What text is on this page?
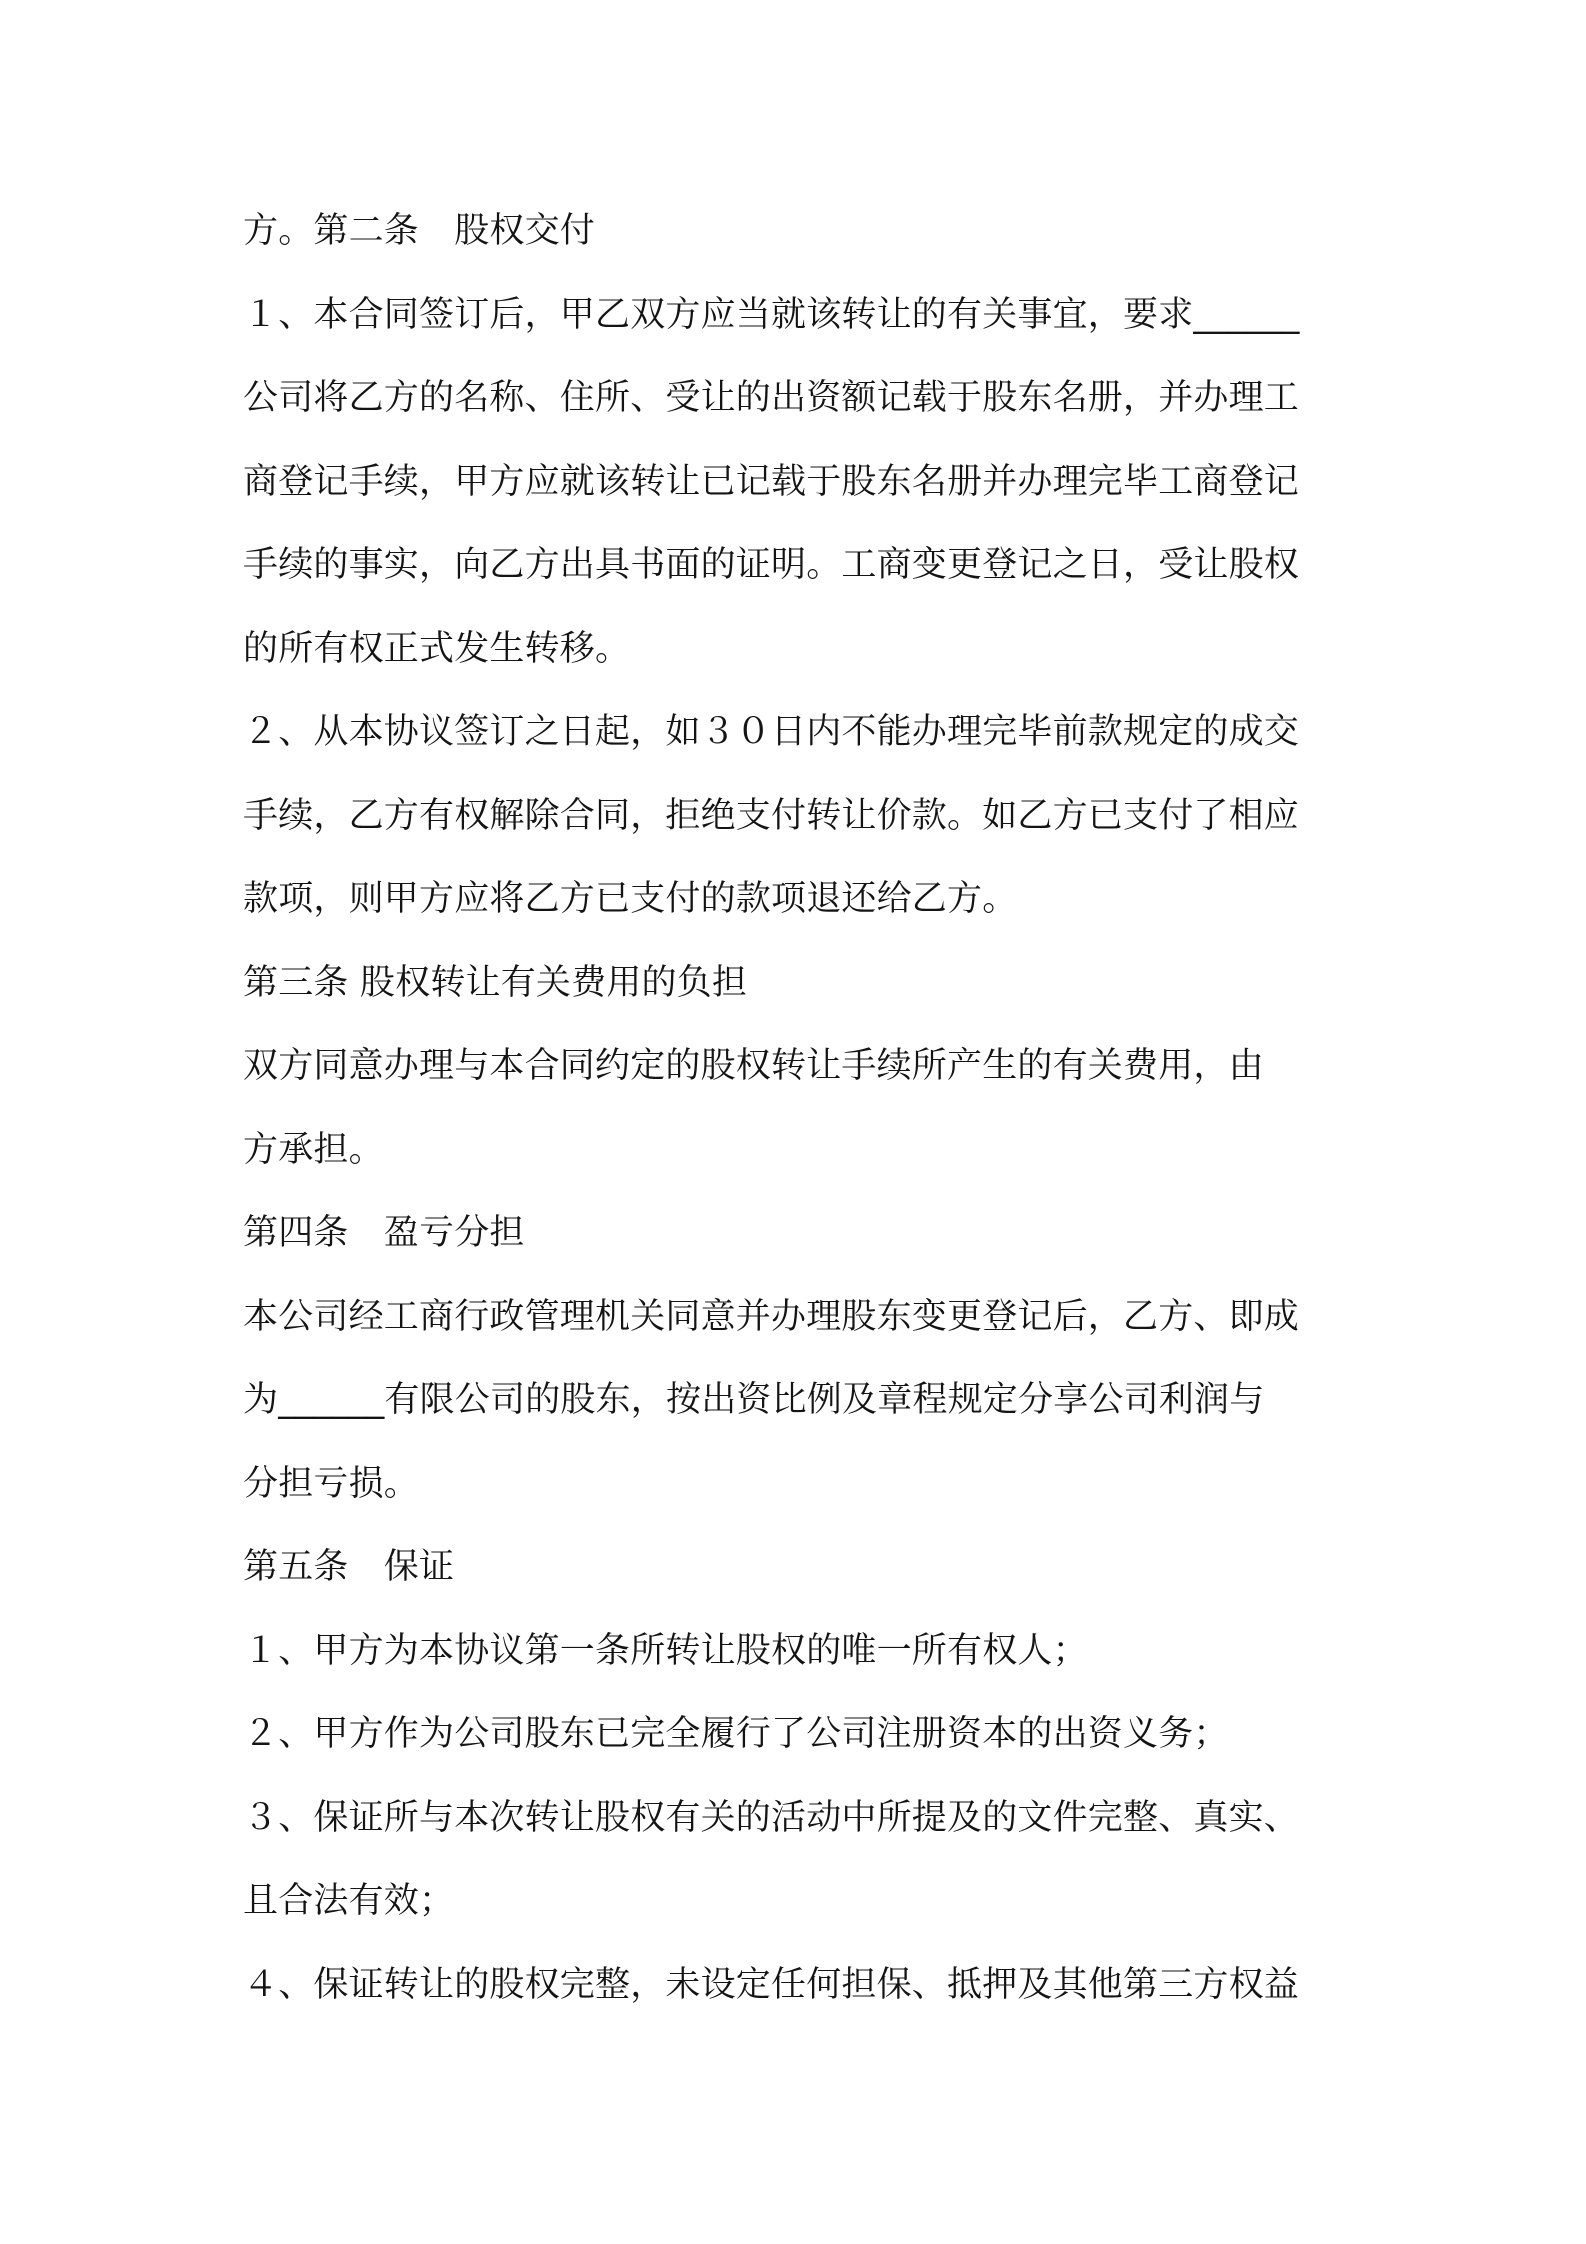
方。第二条　股权交付
１、本合同签订后，甲乙双方应当就该转让的有关事宜，要求______
公司将乙方的名称、住所、受让的出资额记载于股东名册，并办理工
商登记手续，甲方应就该转让已记载于股东名册并办理完毕工商登记
手续的事实，向乙方出具书面的证明。工商变更登记之日，受让股权
的所有权正式发生转移。
２、从本协议签订之日起，如３０日内不能办理完毕前款规定的成交
手续，乙方有权解除合同，拒绝支付转让价款。如乙方已支付了相应
款项，则甲方应将乙方已支付的款项退还给乙方。
第三条 股权转让有关费用的负担
双方同意办理与本合同约定的股权转让手续所产生的有关费用，由
方承担。
第四条　盈亏分担
本公司经工商行政管理机关同意并办理股东变更登记后，乙方、即成
为______有限公司的股东，按出资比例及章程规定分享公司利润与
分担亏损。
第五条　保证
１、甲方为本协议第一条所转让股权的唯一所有权人；
２、甲方作为公司股东已完全履行了公司注册资本的出资义务；
３、保证所与本次转让股权有关的活动中所提及的文件完整、真实、
且合法有效；
４、保证转让的股权完整，未设定任何担保、抵押及其他第三方权益
